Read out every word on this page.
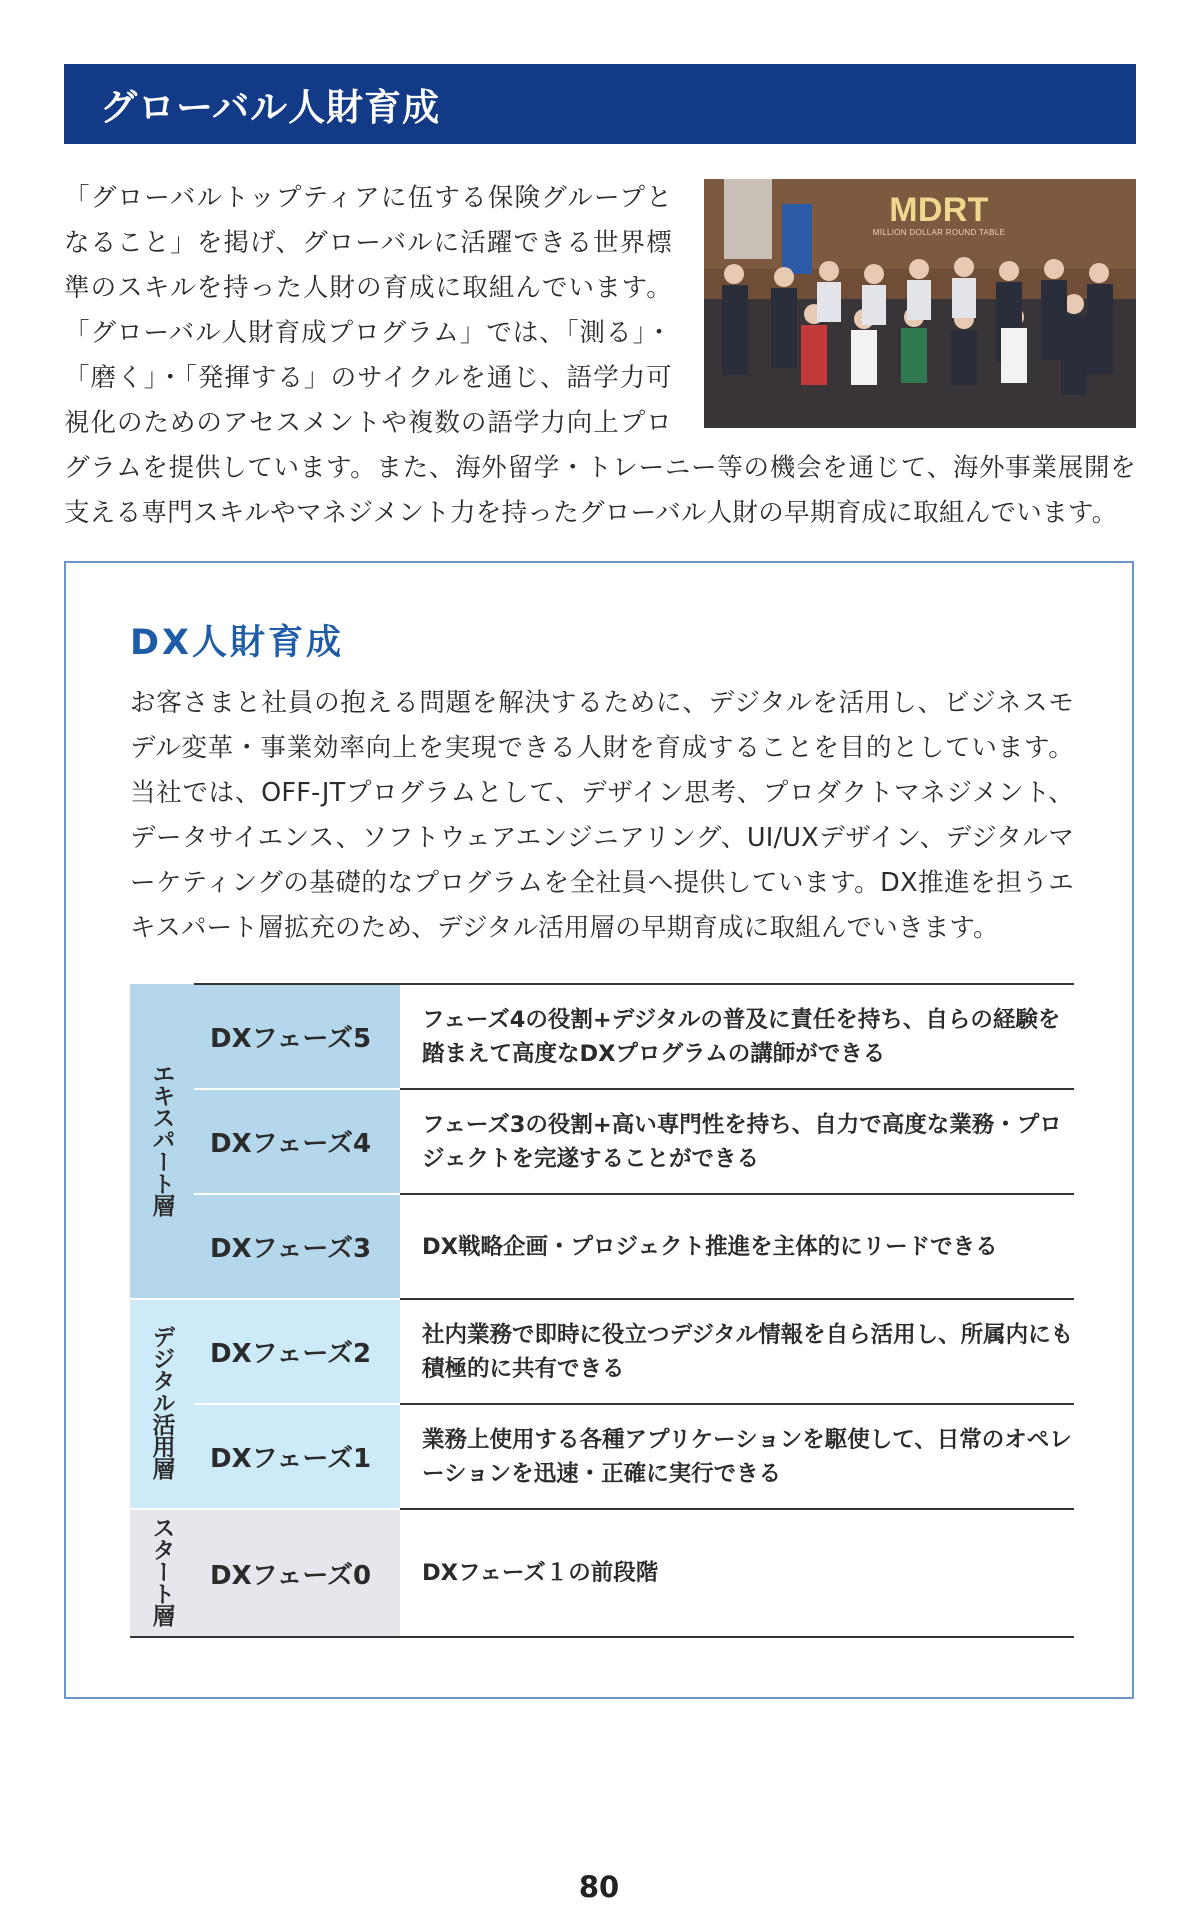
グローバル人財育成
MDRT
MILLION DOLLAR ROUND TABLE

「グローバルトップティアに伍する保険グループとなること」を掲げ、グローバルに活躍できる世界標準のスキルを持った人財の育成に取組んでいます。「グローバル人財育成プログラム」では、「測る」・「磨く」・「発揮する」のサイクルを通じ、語学力可視化のためのアセスメントや複数の語学力向上プログラムを提供しています。また、海外留学・トレーニー等の機会を通じて、海外事業展開を支える専門スキルやマネジメント力を持ったグローバル人財の早期育成に取組んでいます。

DX人財育成

お客さまと社員の抱える問題を解決するために、デジタルを活用し、ビジネスモデル変革・事業効率向上を実現できる人財を育成することを目的としています。当社では、OFF-JTプログラムとして、デザイン思考、プロダクトマネジメント、データサイエンス、ソフトウェアエンジニアリング、UI/UXデザイン、デジタルマーケティングの基礎的なプログラムを全社員へ提供しています。DX推進を担うエキスパート層拡充のため、デジタル活用層の早期育成に取組んでいきます。

エキスパート層	DXフェーズ5	フェーズ4の役割+デジタルの普及に責任を持ち、自らの経験を踏まえて高度なDXプログラムの講師ができる
	DXフェーズ4	フェーズ3の役割+高い専門性を持ち、自力で高度な業務・プロジェクトを完遂することができる
	DXフェーズ3	DX戦略企画・プロジェクト推進を主体的にリードできる
デジタル活用層	DXフェーズ2	社内業務で即時に役立つデジタル情報を自ら活用し、所属内にも積極的に共有できる
	DXフェーズ1	業務上使用する各種アプリケーションを駆使して、日常のオペレーションを迅速・正確に実行できる
スタート層	DXフェーズ0	DXフェーズ１の前段階
80
